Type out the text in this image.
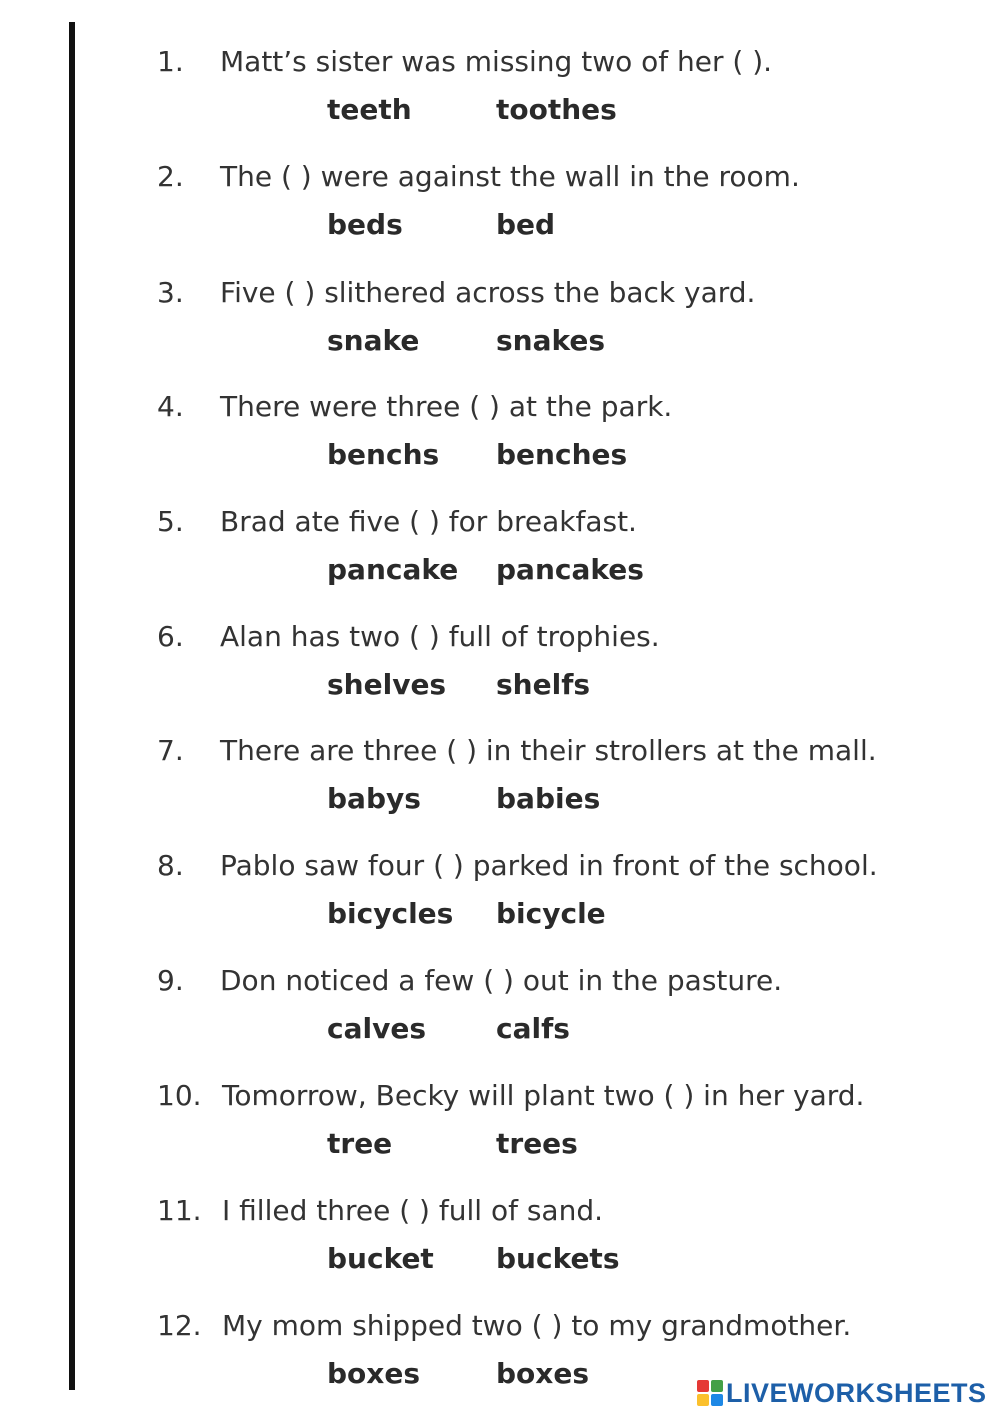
1. Matt’s sister was missing two of her ( ).
teeth	toothes
2. The ( ) were against the wall in the room.
beds	bed
3. Five ( ) slithered across the back yard.
snake	snakes
4. There were three ( ) at the park.
benchs benches
5. Brad ate five ( ) for breakfast.
pancake pancakes
6. Alan has two ( ) full of trophies.
shelves shelfs
7. There are three ( ) in their strollers at the mall.
babys	babies
8. Pablo saw four ( ) parked in front of the school.
bicycles bicycle
9. Don noticed a few ( ) out in the pasture.
calves	calfs
10. Tomorrow, Becky will plant two ( ) in her yard.
tree	trees
11. I filled three ( ) full of sand.
bucket buckets
12. My mom shipped two ( ) to my grandmother.
boxes	boxes
LIVEWORKSHEETS
